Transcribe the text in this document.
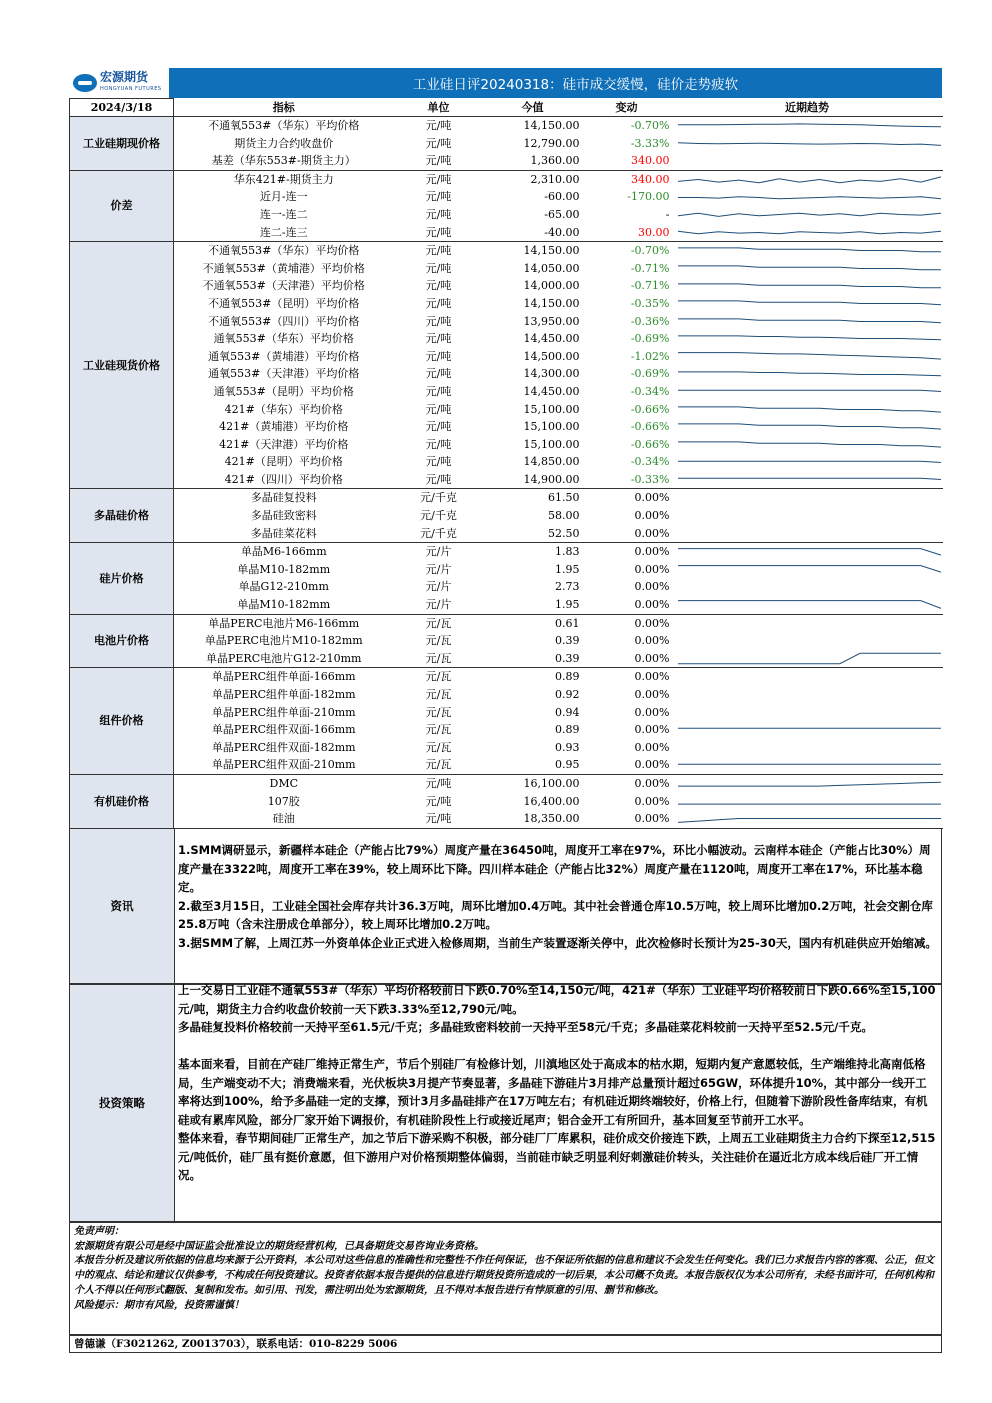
宏源期货
HONGYUAN FUTURES	工业硅日评20240318：硅市成交缓慢，硅价走势疲软
2024/3/18	指标	单位	今值	变动	近期趋势
工业硅期现价格	不通氧553#（华东）平均价格	元/吨	14,150.00	-0.70%	

	期货主力合约收盘价	元/吨	12,790.00	-3.33%	

	基差（华东553#-期货主力）	元/吨	1,360.00	340.00	

价差	华东421#-期货主力	元/吨	2,310.00	340.00	

	近月-连一	元/吨	-60.00	-170.00	

	连一-连二	元/吨	-65.00	-	

	连二-连三	元/吨	-40.00	30.00	

工业硅现货价格	不通氧553#（华东）平均价格	元/吨	14,150.00	-0.70%	

	不通氧553#（黄埔港）平均价格	元/吨	14,050.00	-0.71%	

	不通氧553#（天津港）平均价格	元/吨	14,000.00	-0.71%	

	不通氧553#（昆明）平均价格	元/吨	14,150.00	-0.35%	

	不通氧553#（四川）平均价格	元/吨	13,950.00	-0.36%	

	通氧553#（华东）平均价格	元/吨	14,450.00	-0.69%	

	通氧553#（黄埔港）平均价格	元/吨	14,500.00	-1.02%	

	通氧553#（天津港）平均价格	元/吨	14,300.00	-0.69%	

	通氧553#（昆明）平均价格	元/吨	14,450.00	-0.34%	

	421#（华东）平均价格	元/吨	15,100.00	-0.66%	

	421#（黄埔港）平均价格	元/吨	15,100.00	-0.66%	

	421#（天津港）平均价格	元/吨	15,100.00	-0.66%	

	421#（昆明）平均价格	元/吨	14,850.00	-0.34%	

	421#（四川）平均价格	元/吨	14,900.00	-0.33%	

多晶硅价格	多晶硅复投料	元/千克	61.50	0.00%	

	多晶硅致密料	元/千克	58.00	0.00%	

	多晶硅菜花料	元/千克	52.50	0.00%	

硅片价格	单晶M6-166mm	元/片	1.83	0.00%	

	单晶M10-182mm	元/片	1.95	0.00%	

	单晶G12-210mm	元/片	2.73	0.00%	

	单晶M10-182mm	元/片	1.95	0.00%	

电池片价格	单晶PERC电池片M6-166mm	元/瓦	0.61	0.00%	

	单晶PERC电池片M10-182mm	元/瓦	0.39	0.00%	

	单晶PERC电池片G12-210mm	元/瓦	0.39	0.00%	

组件价格	单晶PERC组件单面-166mm	元/瓦	0.89	0.00%	

	单晶PERC组件单面-182mm	元/瓦	0.92	0.00%	

	单晶PERC组件单面-210mm	元/瓦	0.94	0.00%	

	单晶PERC组件双面-166mm	元/瓦	0.89	0.00%	

	单晶PERC组件双面-182mm	元/瓦	0.93	0.00%	

	单晶PERC组件双面-210mm	元/瓦	0.95	0.00%	

有机硅价格	DMC	元/吨	16,100.00	0.00%	

	107胶	元/吨	16,400.00	0.00%	

	硅油	元/吨	18,350.00	0.00%	
资讯

1.SMM调研显示，新疆样本硅企（产能占比79%）周度产量在36450吨，周度开工率在97%，环比小幅波动。云南样本硅企（产能占比30%）周度产量在3322吨，周度开工率在39%，较上周环比下降。四川样本硅企（产能占比32%）周度产量在1120吨，周度开工率在17%，环比基本稳定。

2.截至3月15日，工业硅全国社会库存共计36.3万吨，周环比增加0.4万吨。其中社会普通仓库10.5万吨，较上周环比增加0.2万吨，社会交割仓库25.8万吨（含未注册成仓单部分），较上周环比增加0.2万吨。

3.据SMM了解，上周江苏一外资单体企业正式进入检修周期，当前生产装置逐渐关停中，此次检修时长预计为25-30天，国内有机硅供应开始缩减。

投资策略

上一交易日工业硅不通氧553#（华东）平均价格较前日下跌0.70%至14,150元/吨，421#（华东）工业硅平均价格较前日下跌0.66%至15,100元/吨，期货主力合约收盘价较前一天下跌3.33%至12,790元/吨。

多晶硅复投料价格较前一天持平至61.5元/千克；多晶硅致密料较前一天持平至58元/千克；多晶硅菜花料较前一天持平至52.5元/千克。

基本面来看，目前在产硅厂维持正常生产，节后个别硅厂有检修计划，川滇地区处于高成本的枯水期，短期内复产意愿较低，生产端维持北高南低格局，生产端变动不大；消费端来看，光伏板块3月提产节奏显著，多晶硅下游硅片3月排产总量预计超过65GW，环体提升10%，其中部分一线开工率将达到100%，给予多晶硅一定的支撑，预计3月多晶硅排产在17万吨左右；有机硅近期终端较好，价格上行，但随着下游阶段性备库结束，有机硅或有累库风险，部分厂家开始下调报价，有机硅阶段性上行或接近尾声；铝合金开工有所回升，基本回复至节前开工水平。

整体来看，春节期间硅厂正常生产，加之节后下游采购不积极，部分硅厂厂库累积，硅价成交价接连下跌，上周五工业硅期货主力合约下探至12,515元/吨低价，硅厂虽有挺价意愿，但下游用户对价格预期整体偏弱，当前硅市缺乏明显利好刺激硅价转头，关注硅价在逼近北方成本线后硅厂开工情况。

免责声明：
宏源期货有限公司是经中国证监会批准设立的期货经营机构，已具备期货交易咨询业务资格。
本报告分析及建议所依据的信息均来源于公开资料，本公司对这些信息的准确性和完整性不作任何保证，也不保证所依据的信息和建议不会发生任何变化。我们已力求报告内容的客观、公正，但文中的观点、结论和建议仅供参考，不构成任何投资建议。投资者依据本报告提供的信息进行期货投资所造成的一切后果，本公司概不负责。本报告版权仅为本公司所有，未经书面许可，任何机构和个人不得以任何形式翻版、复制和发布。如引用、刊发，需注明出处为宏源期货，且不得对本报告进行有悖原意的引用、删节和修改。
风险提示：期市有风险，投资需谨慎！
曾德谦（F3021262, Z0013703），联系电话：010-8229 5006
